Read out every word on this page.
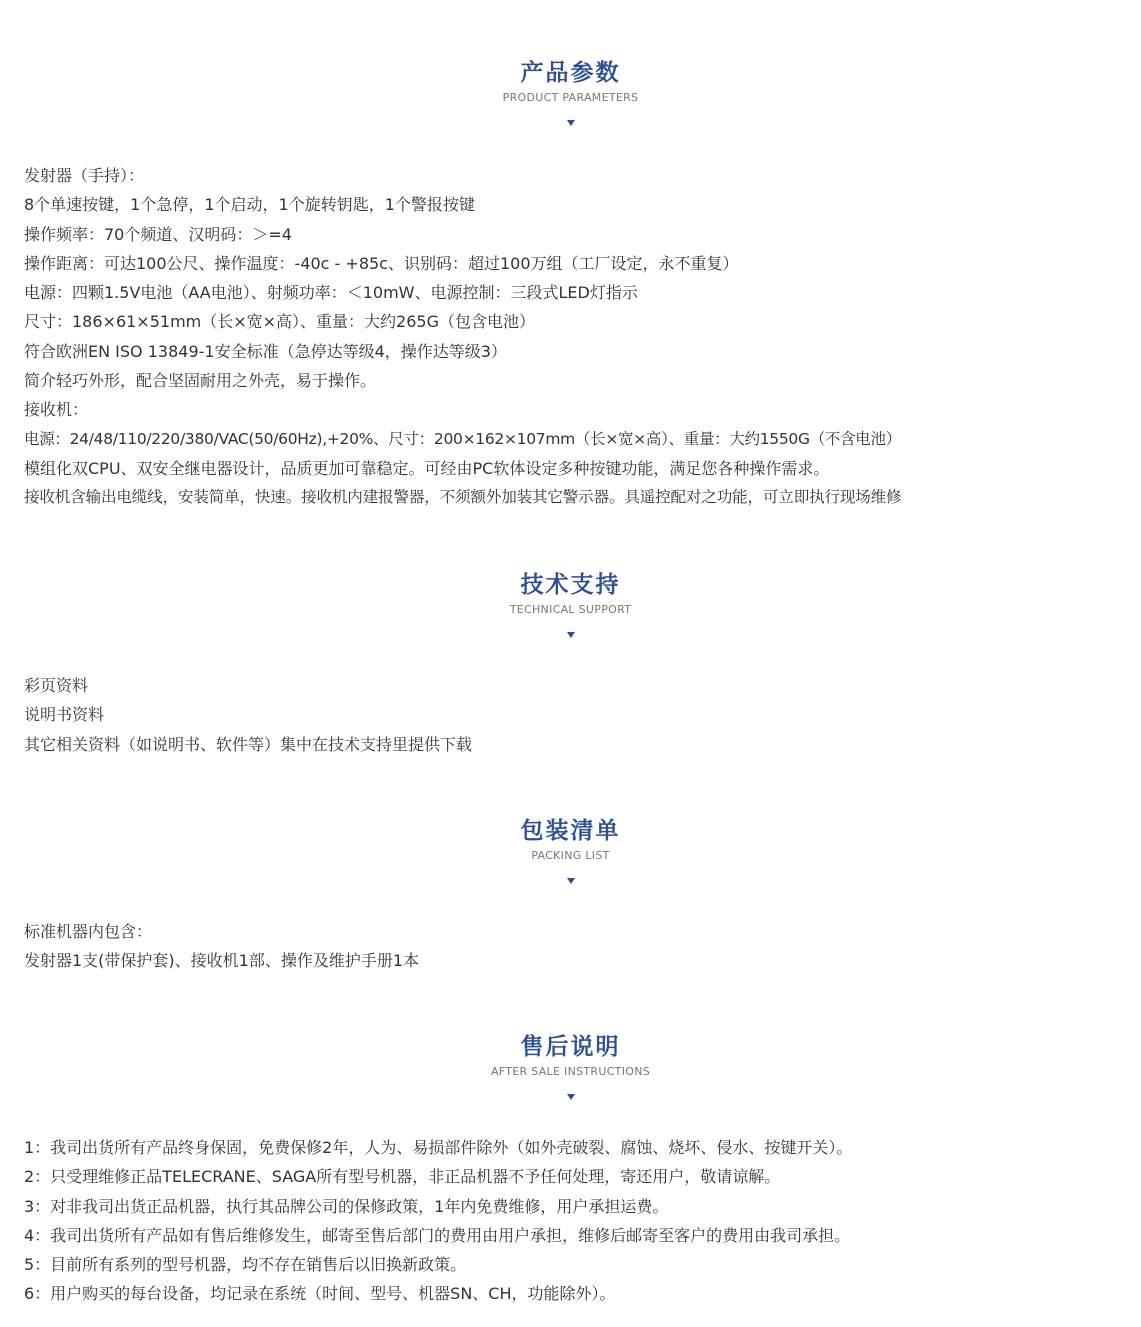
产品参数
PRODUCT PARAMETERS
发射器（手持）：
8个单速按键，1个急停，1个启动，1个旋转钥匙，1个警报按键
操作频率：70个频道、汉明码：＞=4
操作距离：可达100公尺、操作温度：-40c - +85c、识别码：超过100万组（工厂设定，永不重复）
电源：四颗1.5V电池（AA电池）、射频功率：＜10mW、电源控制：三段式LED灯指示
尺寸：186×61×51mm（长×宽×高）、重量：大约265G（包含电池）
符合欧洲EN ISO 13849-1安全标准（急停达等级4，操作达等级3）
简介轻巧外形，配合坚固耐用之外壳，易于操作。
接收机：
电源：24/48/110/220/380/VAC(50/60Hz),+20%、尺寸：200×162×107mm（长×宽×高）、重量：大约1550G（不含电池）
模组化双CPU、双安全继电器设计，品质更加可靠稳定。可经由PC软体设定多种按键功能，满足您各种操作需求。
接收机含输出电缆线，安装简单，快速。接收机内建报警器，不须额外加装其它警示器。具遥控配对之功能，可立即执行现场维修
技术支持
TECHNICAL SUPPORT
彩页资料
说明书资料
其它相关资料（如说明书、软件等）集中在技术支持里提供下载
包装清单
PACKING LIST
标准机器内包含：
发射器1支(带保护套)、接收机1部、操作及维护手册1本
售后说明
AFTER SALE INSTRUCTIONS
1：我司出货所有产品终身保固，免费保修2年，人为、易损部件除外（如外壳破裂、腐蚀、烧坏、侵水、按键开关）。
2：只受理维修正品TELECRANE、SAGA所有型号机器，非正品机器不予任何处理，寄还用户，敬请谅解。
3：对非我司出货正品机器，执行其品牌公司的保修政策，1年内免费维修，用户承担运费。
4：我司出货所有产品如有售后维修发生，邮寄至售后部门的费用由用户承担，维修后邮寄至客户的费用由我司承担。
5：目前所有系列的型号机器，均不存在销售后以旧换新政策。
6：用户购买的每台设备，均记录在系统（时间、型号、机器SN、CH，功能除外）。
